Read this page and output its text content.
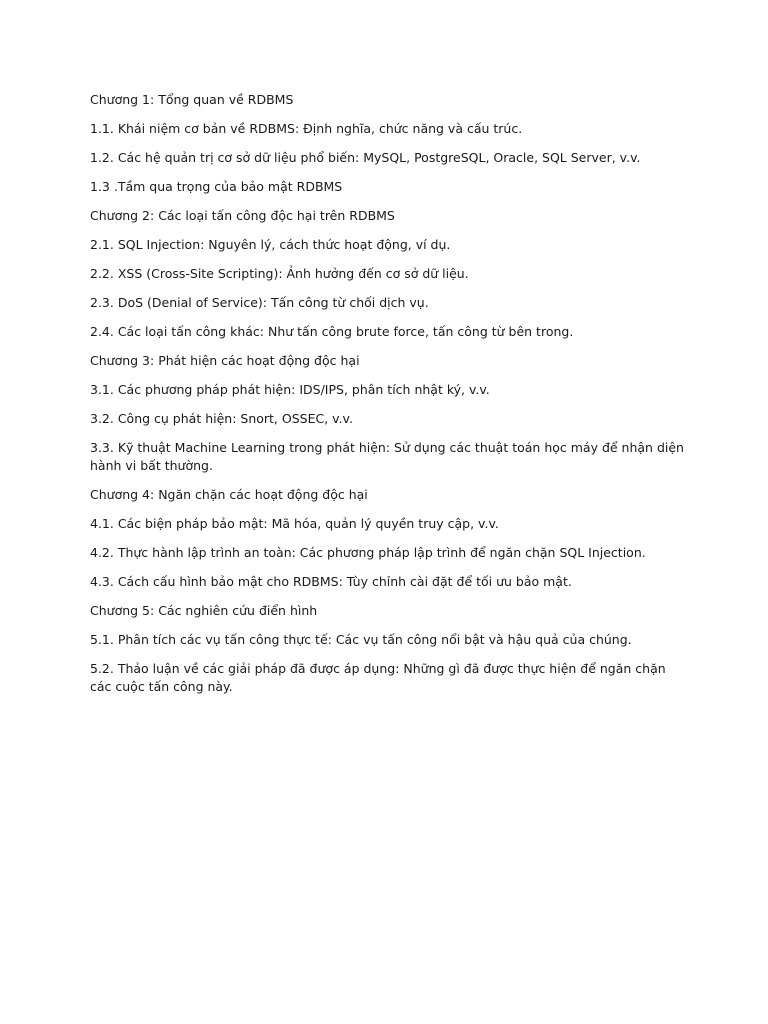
Chương 1: Tổng quan về RDBMS

1.1. Khái niệm cơ bản về RDBMS: Định nghĩa, chức năng và cấu trúc.

1.2. Các hệ quản trị cơ sở dữ liệu phổ biến: MySQL, PostgreSQL, Oracle, SQL Server, v.v.

1.3 .Tầm qua trọng của bảo mật RDBMS

Chương 2: Các loại tấn công độc hại trên RDBMS

2.1. SQL Injection: Nguyên lý, cách thức hoạt động, ví dụ.

2.2. XSS (Cross-Site Scripting): Ảnh hưởng đến cơ sở dữ liệu.

2.3. DoS (Denial of Service): Tấn công từ chối dịch vụ.

2.4. Các loại tấn công khác: Như tấn công brute force, tấn công từ bên trong.

Chương 3: Phát hiện các hoạt động độc hại

3.1. Các phương pháp phát hiện: IDS/IPS, phân tích nhật ký, v.v.

3.2. Công cụ phát hiện: Snort, OSSEC, v.v.

3.3. Kỹ thuật Machine Learning trong phát hiện: Sử dụng các thuật toán học máy để nhận diện hành vi bất thường.

Chương 4: Ngăn chặn các hoạt động độc hại

4.1. Các biện pháp bảo mật: Mã hóa, quản lý quyền truy cập, v.v.

4.2. Thực hành lập trình an toàn: Các phương pháp lập trình để ngăn chặn SQL Injection.

4.3. Cách cấu hình bảo mật cho RDBMS: Tùy chỉnh cài đặt để tối ưu bảo mật.

Chương 5: Các nghiên cứu điển hình

5.1. Phân tích các vụ tấn công thực tế: Các vụ tấn công nổi bật và hậu quả của chúng.

5.2. Thảo luận về các giải pháp đã được áp dụng: Những gì đã được thực hiện để ngăn chặn các cuộc tấn công này.
